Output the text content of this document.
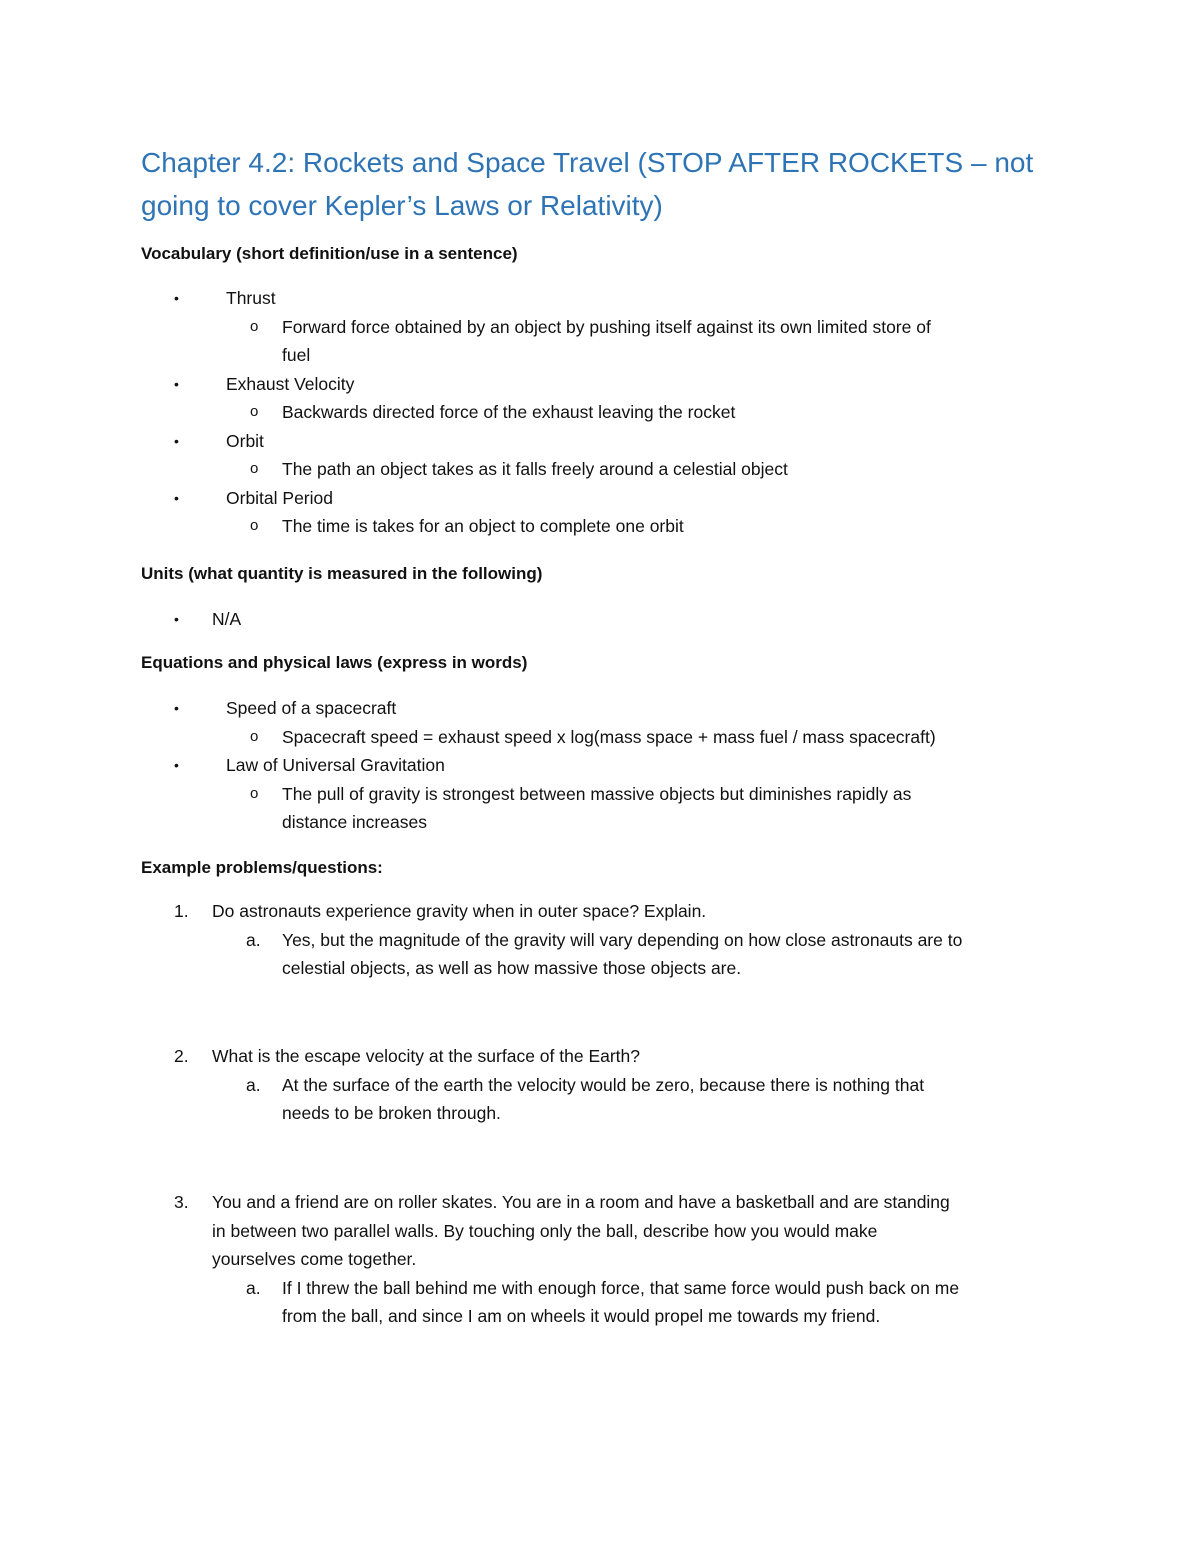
Chapter 4.2: Rockets and Space Travel (STOP AFTER ROCKETS – not
going to cover Kepler’s Laws or Relativity)
Vocabulary (short definition/use in a sentence)
•	Thrust
o Forward force obtained by an object by pushing itself against its own limited store of
fuel
•	Exhaust Velocity
o Backwards directed force of the exhaust leaving the rocket
•	Orbit
o The path an object takes as it falls freely around a celestial object
•	Orbital Period
o The time is takes for an object to complete one orbit
Units (what quantity is measured in the following)
• N/A
Equations and physical laws (express in words)
•	Speed of a spacecraft
o Spacecraft speed = exhaust speed x log(mass space + mass fuel / mass spacecraft)
•	Law of Universal Gravitation
o The pull of gravity is strongest between massive objects but diminishes rapidly as
distance increases
Example problems/questions:
1. Do astronauts experience gravity when in outer space? Explain.
a. Yes, but the magnitude of the gravity will vary depending on how close astronauts are to
celestial objects, as well as how massive those objects are.
2. What is the escape velocity at the surface of the Earth?
a. At the surface of the earth the velocity would be zero, because there is nothing that
needs to be broken through.
3. You and a friend are on roller skates. You are in a room and have a basketball and are standing
in between two parallel walls. By touching only the ball, describe how you would make
yourselves come together.
a. If I threw the ball behind me with enough force, that same force would push back on me
from the ball, and since I am on wheels it would propel me towards my friend.
